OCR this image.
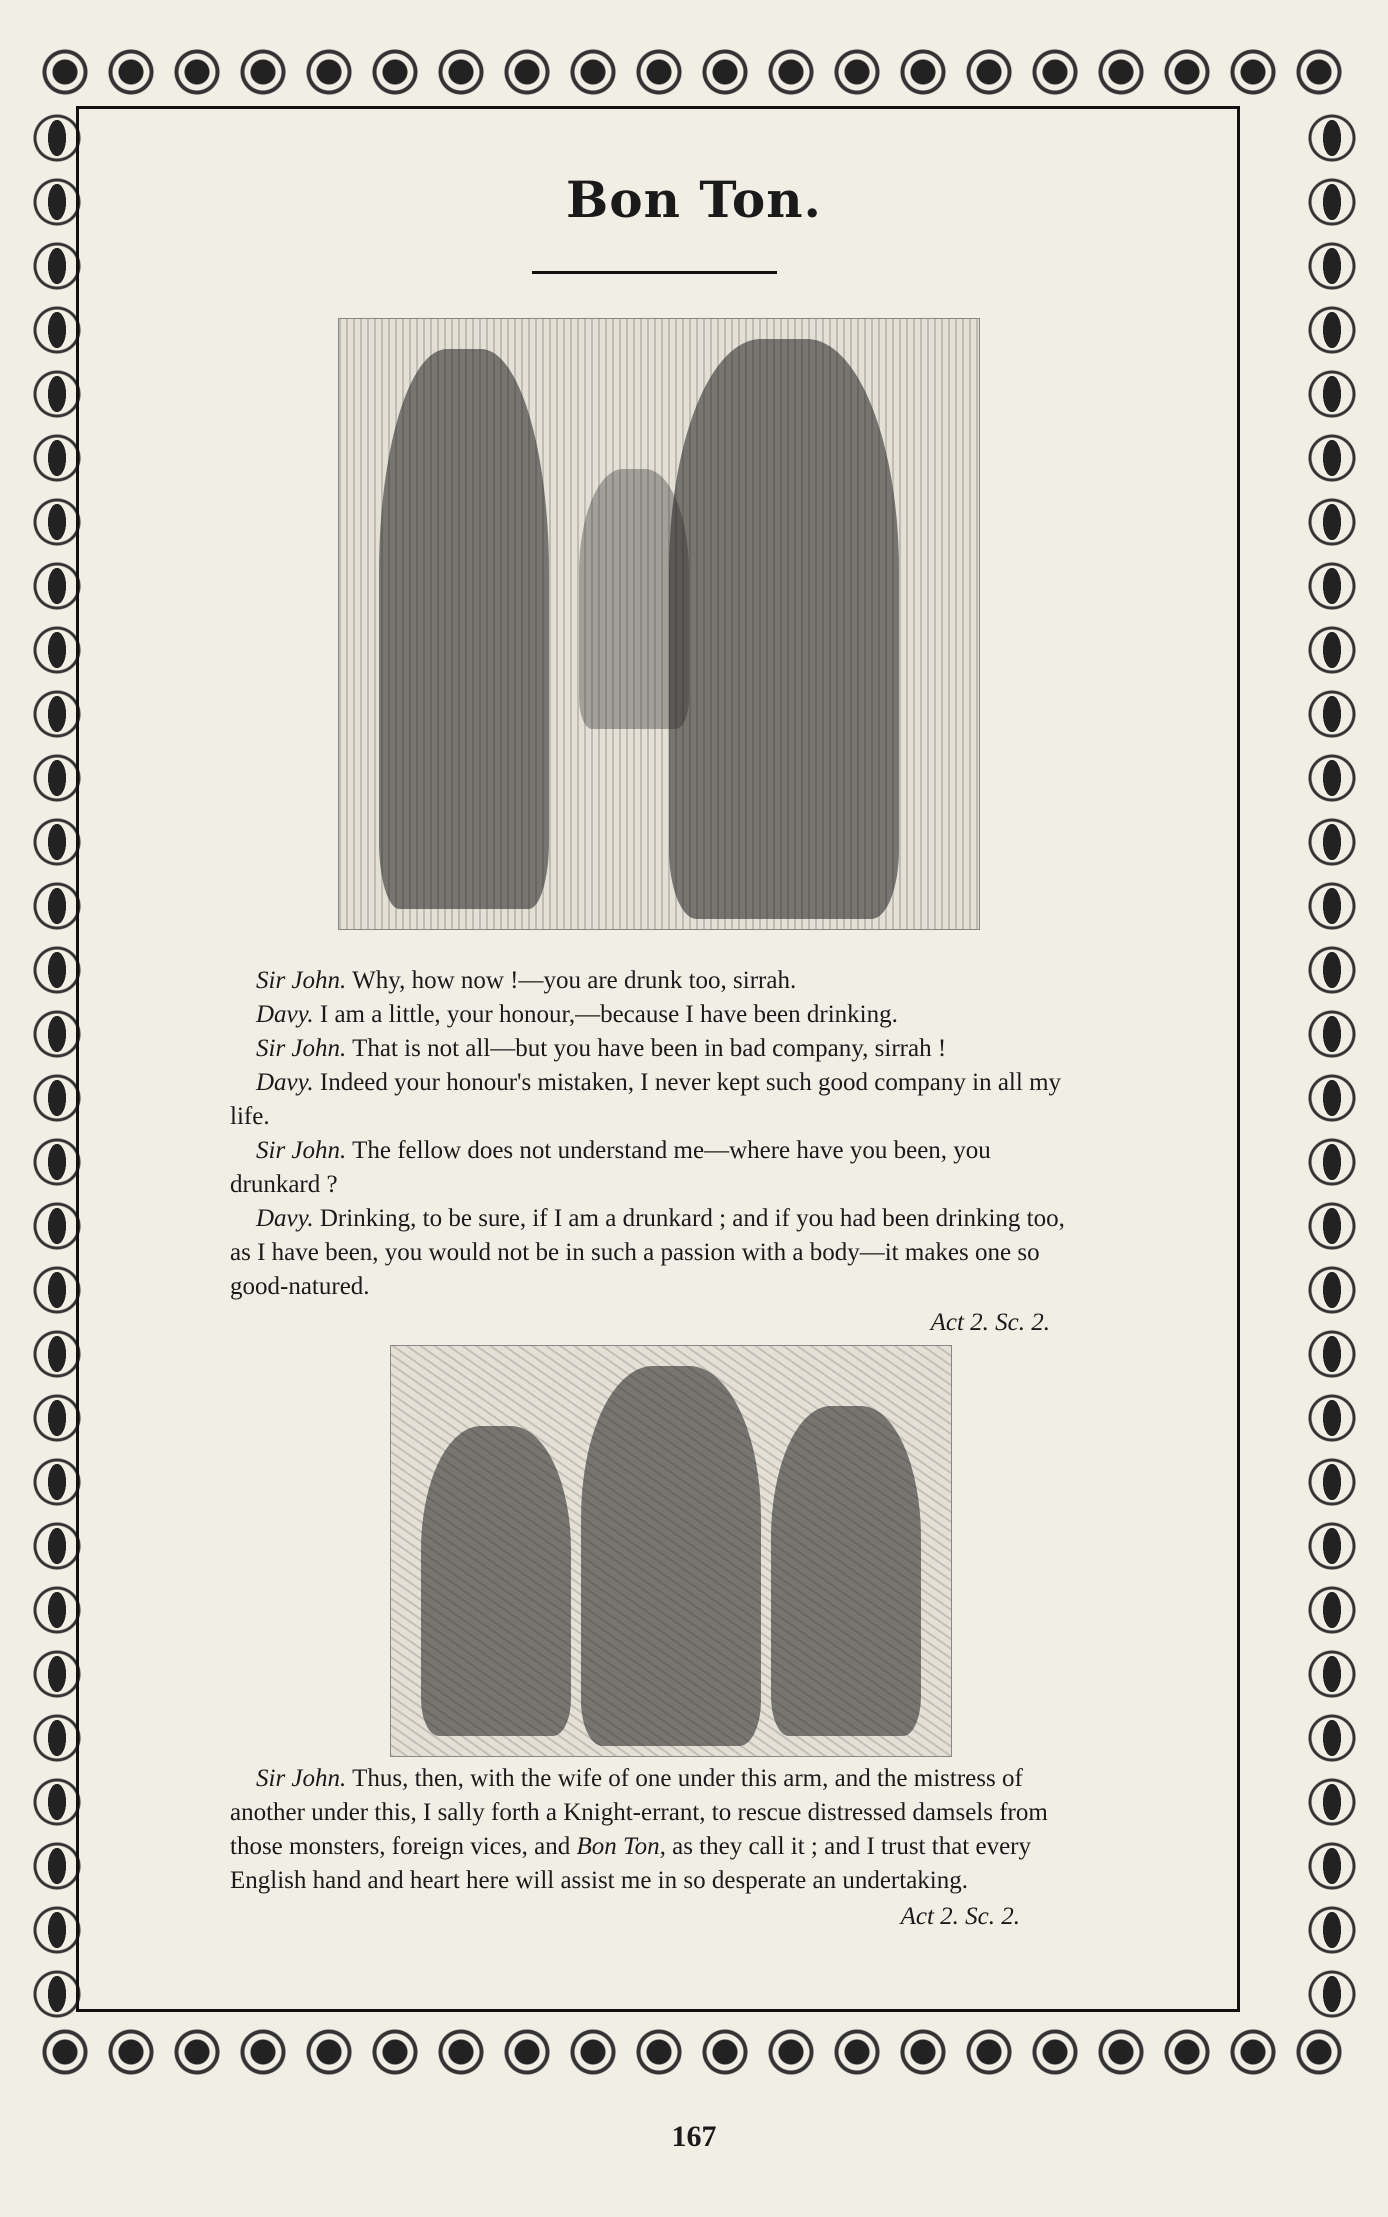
Bon Ton.

Sir John. Why, how now !—you are drunk too, sirrah.

Davy. I am a little, your honour,—because I have been drinking.

Sir John. That is not all—but you have been in bad company, sirrah !

Davy. Indeed your honour's mistaken, I never kept such good company in all my life.

Sir John. The fellow does not understand me—where have you been, you drunkard ?

Davy. Drinking, to be sure, if I am a drunkard ; and if you had been drinking too, as I have been, you would not be in such a passion with a body—it makes one so good-natured.

Act 2. Sc. 2.

Sir John. Thus, then, with the wife of one under this arm, and the mistress of another under this, I sally forth a Knight-errant, to rescue distressed damsels from those monsters, foreign vices, and Bon Ton, as they call it ; and I trust that every English hand and heart here will assist me in so desperate an undertaking.

Act 2. Sc. 2.

167
